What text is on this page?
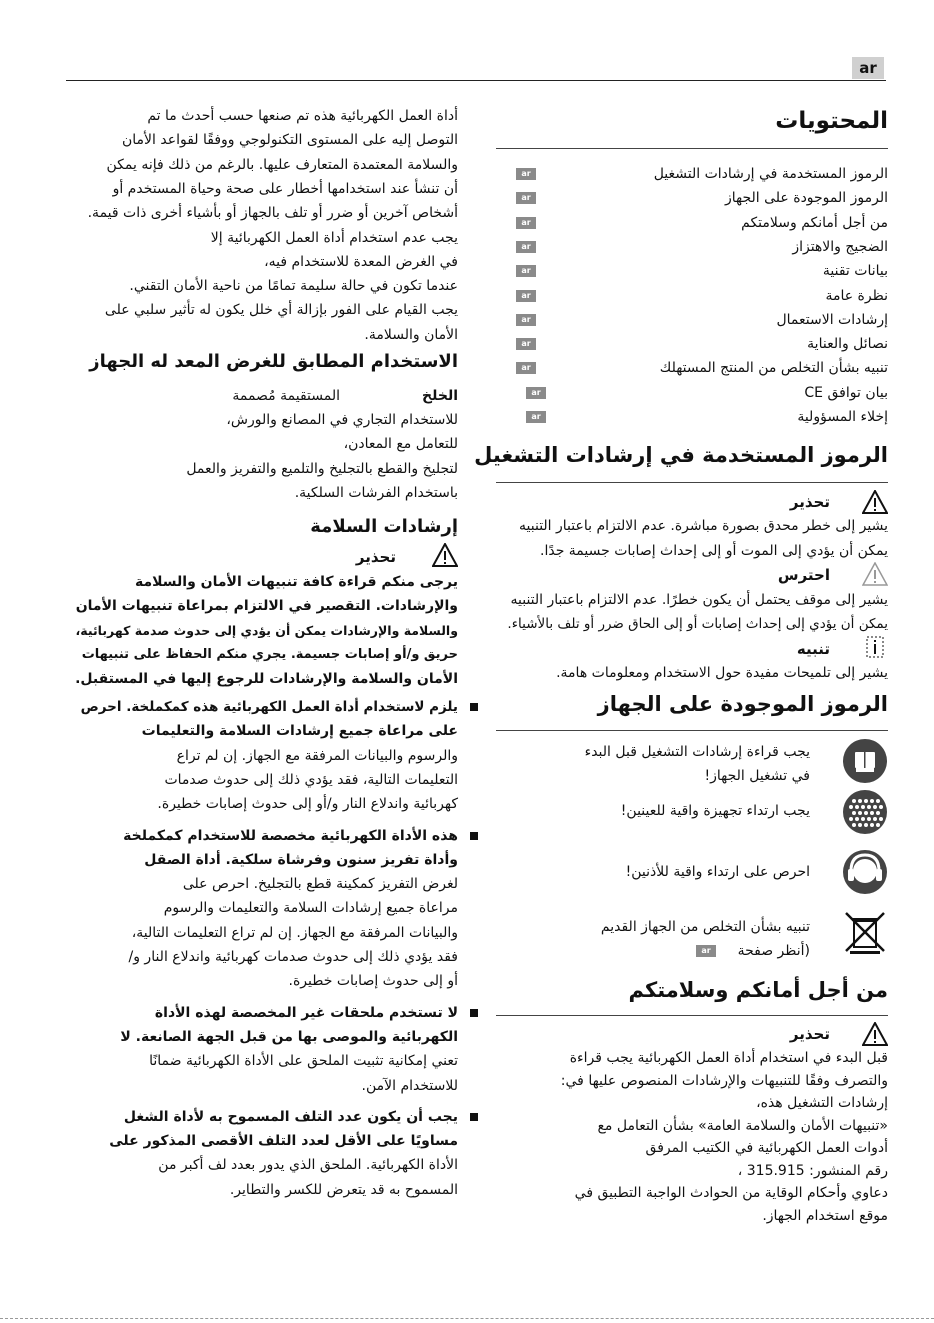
ar
المحتويات
الرموز المستخدمة في إرشادات التشغيل
ar
الرموز الموجودة على الجهاز
ar
من أجل أمانكم وسلامتكم
ar
الضجيج والاهتزاز
ar
بيانات تقنية
ar
نظرة عامة
ar
إرشادات الاستعمال
ar
نصائل والعناية
ar
تنبيه بشأن التخلص من المنتج المستهلك
ar
بيان توافق CE
ar
إخلاء المسؤولية
ar
الرموز المستخدمة في إرشادات التشغيل
تحذير
يشير إلى خطر محدق بصورة مباشرة. عدم الالتزام باعتبار التنبيه
يمكن أن يؤدي إلى الموت أو إلى إحداث إصابات جسيمة جدًا.
احترس
يشير إلى موقف يحتمل أن يكون خطرًا. عدم الالتزام باعتبار التنبيه
يمكن أن يؤدي إلى إحداث إصابات أو إلى الحاق ضرر أو تلف بالأشياء.
تنبيه
يشير إلى تلميحات مفيدة حول الاستخدام ومعلومات هامة.
الرموز الموجودة على الجهاز
يجب قراءة إرشادات التشغيل قبل البدء
في تشغيل الجهاز!
يجب ارتداء تجهيزة واقية للعينين!
احرص على ارتداء واقية للأذنين!
تنبيه بشأن التخلص من الجهاز القديم
(أنظر صفحة
ar
من أجل أمانكم وسلامتكم
تحذير
قبل البدء في استخدام أداة العمل الكهربائية يجب قراءة
والتصرف وفقًا للتنبيهات والإرشادات المنصوص عليها في:
إرشادات التشغيل هذه،
«تنبيهات الأمان والسلامة العامة» بشأن التعامل مع
أدوات العمل الكهربائية في الكتيب المرفق
رقم المنشور: 315.915 ،
دعاوي وأحكام الوقاية من الحوادث الواجبة التطبيق في
موقع استخدام الجهاز.
أداة العمل الكهربائية هذه تم صنعها حسب أحدث ما تم
التوصل إليه على المستوى التكنولوجي ووفقًا لقواعد الأمان
والسلامة المعتمدة المتعارف عليها. بالرغم من ذلك فإنه يمكن
أن تنشأ عند استخدامها أخطار على صحة وحياة المستخدم أو
أشخاص آخرين أو ضرر أو تلف بالجهاز أو بأشياء أخرى ذات قيمة.
يجب عدم استخدام أداة العمل الكهربائية إلا
في الغرض المعدة للاستخدام فيه،
عندما تكون في حالة سليمة تمامًا من ناحية الأمان التقني.
يجب القيام على الفور بإزالة أي خلل يكون له تأثير سلبي على
الأمان والسلامة.
الاستخدام المطابق للغرض المعد له الجهاز
الخلخ
المستقيمة مُصممة
للاستخدام التجاري في المصانع والورش،
للتعامل مع المعادن،
لتجليخ والقطع بالتجليخ والتلميع والتفريز والعمل
باستخدام الفرشات السلكية.
إرشادات السلامة
تحذير
يرجى منكم قراءة كافة تنبيهات الأمان والسلامة
والإرشادات. التقصير في الالتزام بمراعاة تنبيهات الأمان
والسلامة والإرشادات يمكن أن يؤدي إلى حدوث صدمة كهربائية،
حريق و/أو إصابات جسيمة. يجري منكم الحفاظ على تنبيهات
الأمان والسلامة والإرشادات للرجوع إليها في المستقبل.
يلزم لاستخدام أداة العمل الكهربائية هذه كمكملخة. احرص
على مراعاة جميع إرشادات السلامة والتعليمات
والرسوم والبيانات المرفقة مع الجهاز. إن لم تراع
التعليمات التالية، فقد يؤدي ذلك إلى حدوث صدمات
كهربائية واندلاع النار و/أو إلى حدوث إصابات خطيرة.
هذه الأداة الكهربائية مخصصة للاستخدام كمكملخة
وأداة تفريز سنون وفرشاة سلكية. أداة الصقل
لغرض التفريز كمكينة قطع بالتجليخ. احرص على
مراعاة جميع إرشادات السلامة والتعليمات والرسوم
والبيانات المرفقة مع الجهاز. إن لم تراع التعليمات التالية،
فقد يؤدي ذلك إلى حدوث صدمات كهربائية واندلاع النار و/
أو إلى حدوث إصابات خطيرة.
لا تستخدم ملحقات غير المخصصة لهذه الأداة
الكهربائية والموصى بها من قبل الجهة الصانعة. لا
تعني إمكانية تثبيت الملحق على الأداة الكهربائية ضمانًا
للاستخدام الآمن.
يجب أن يكون عدد التلف المسموح به لأداة الشغل
مساويًا على الأقل لعدد التلف الأقصى المذكور على
الأداة الكهربائية. الملحق الذي يدور بعدد لف أكبر من
المسموح به قد يتعرض للكسر والتطاير.
